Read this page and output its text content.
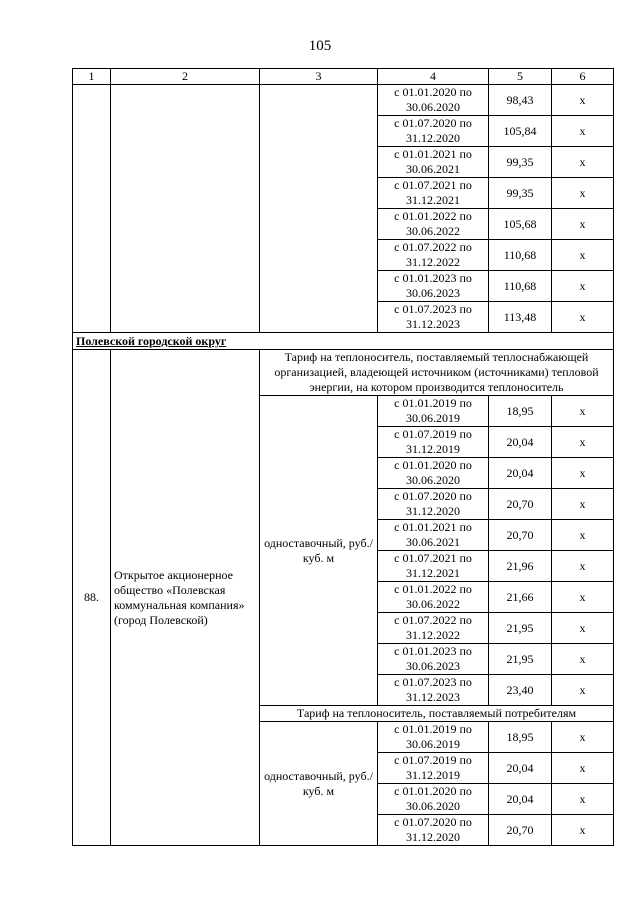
105
1	2	3	4	5	6
			с 01.01.2020 по 30.06.2020	98,43	х
			с 01.07.2020 по 31.12.2020	105,84	х
			с 01.01.2021 по 30.06.2021	99,35	х
			с 01.07.2021 по 31.12.2021	99,35	х
			с 01.01.2022 по 30.06.2022	105,68	х
			с 01.07.2022 по 31.12.2022	110,68	х
			с 01.01.2023 по 30.06.2023	110,68	х
			с 01.07.2023 по 31.12.2023	113,48	х
Полевской городской округ					
88.	Открытое акционерное общество «Полевская коммунальная компания» (город Полевской)	Тариф на теплоноситель, поставляемый теплоснабжающей организацией, владеющей источником (источниками) тепловой энергии, на котором производится теплоноситель			
		одноставочный, руб./куб. м	с 01.01.2019 по 30.06.2019	18,95	х
			с 01.07.2019 по 31.12.2019	20,04	х
			с 01.01.2020 по 30.06.2020	20,04	х
			с 01.07.2020 по 31.12.2020	20,70	х
			с 01.01.2021 по 30.06.2021	20,70	х
			с 01.07.2021 по 31.12.2021	21,96	х
			с 01.01.2022 по 30.06.2022	21,66	х
			с 01.07.2022 по 31.12.2022	21,95	х
			с 01.01.2023 по 30.06.2023	21,95	х
			с 01.07.2023 по 31.12.2023	23,40	х
		Тариф на теплоноситель, поставляемый потребителям			
		одноставочный, руб./куб. м	с 01.01.2019 по 30.06.2019	18,95	х
			с 01.07.2019 по 31.12.2019	20,04	х
			с 01.01.2020 по 30.06.2020	20,04	х
			с 01.07.2020 по 31.12.2020	20,70	х
